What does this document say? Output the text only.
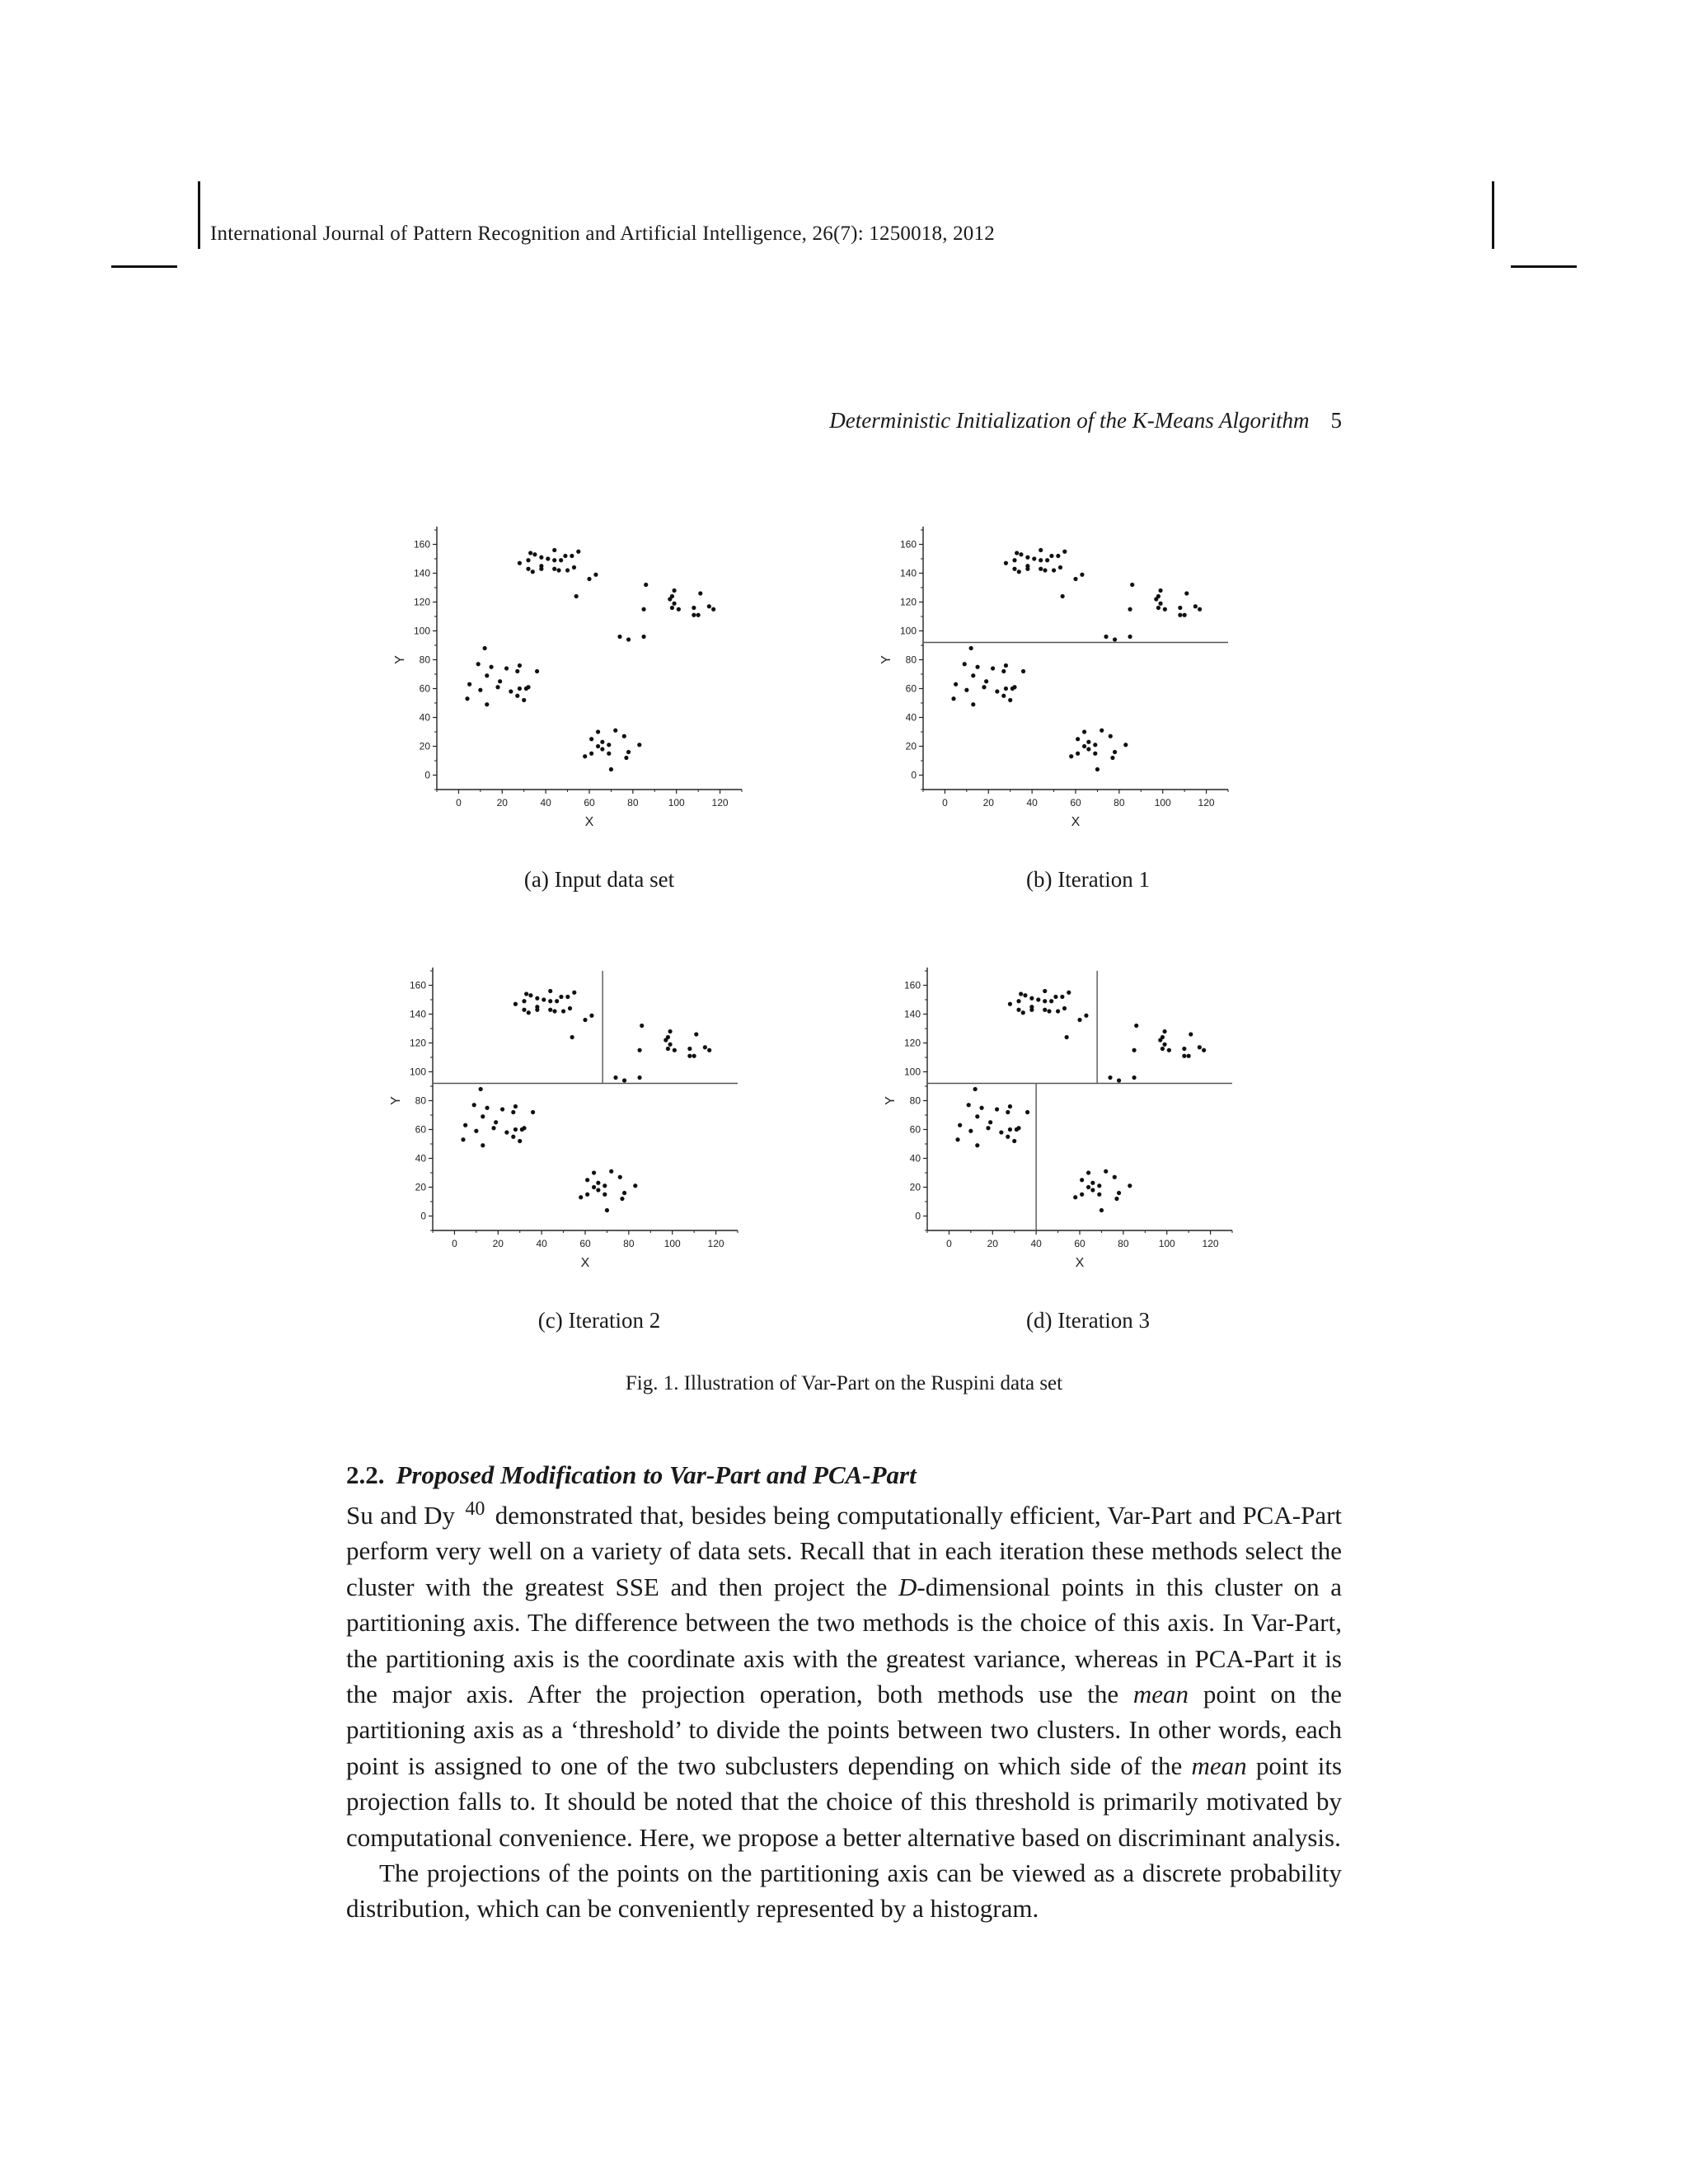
International Journal of Pattern Recognition and Artificial Intelligence, 26(7): 1250018, 2012
Deterministic Initialization of the K-Means Algorithm 5
0
20
40
60
80
100
120
140
160
0	20	40	60	80	100	120
X
Y
0
20
40
60
80
100
120
140
160
0	20	40	60	80	100	120
X
Y
0
20
40
60
80
100
120
140
160
0	20	40	60	80	100	120
X
Y
0
20
40
60
80
100
120
140
160
0	20	40	60	80	100	120
X
Y
(a) Input data set	(b) Iteration 1
(c) Iteration 2	(d) Iteration 3
Fig. 1. Illustration of Var-Part on the Ruspini data set
2.2. Proposed Modification to Var-Part and PCA-Part

Su and Dy $^{40}$ demonstrated that, besides being computationally efficient, Var-Part and PCA-Part perform very well on a variety of data sets. Recall that in each iteration these methods select the cluster with the greatest SSE and then project the D-dimensional points in this cluster on a partitioning axis. The difference between the two methods is the choice of this axis. In Var-Part, the partitioning axis is the coordinate axis with the greatest variance, whereas in PCA-Part it is the major axis. After the projection operation, both methods use the mean point on the partitioning axis as a ‘threshold’ to divide the points between two clusters. In other words, each point is assigned to one of the two subclusters depending on which side of the mean point its projection falls to. It should be noted that the choice of this threshold is primarily motivated by computational convenience. Here, we propose a better alternative based on discriminant analysis.

The projections of the points on the partitioning axis can be viewed as a discrete probability distribution, which can be conveniently represented by a histogram.
